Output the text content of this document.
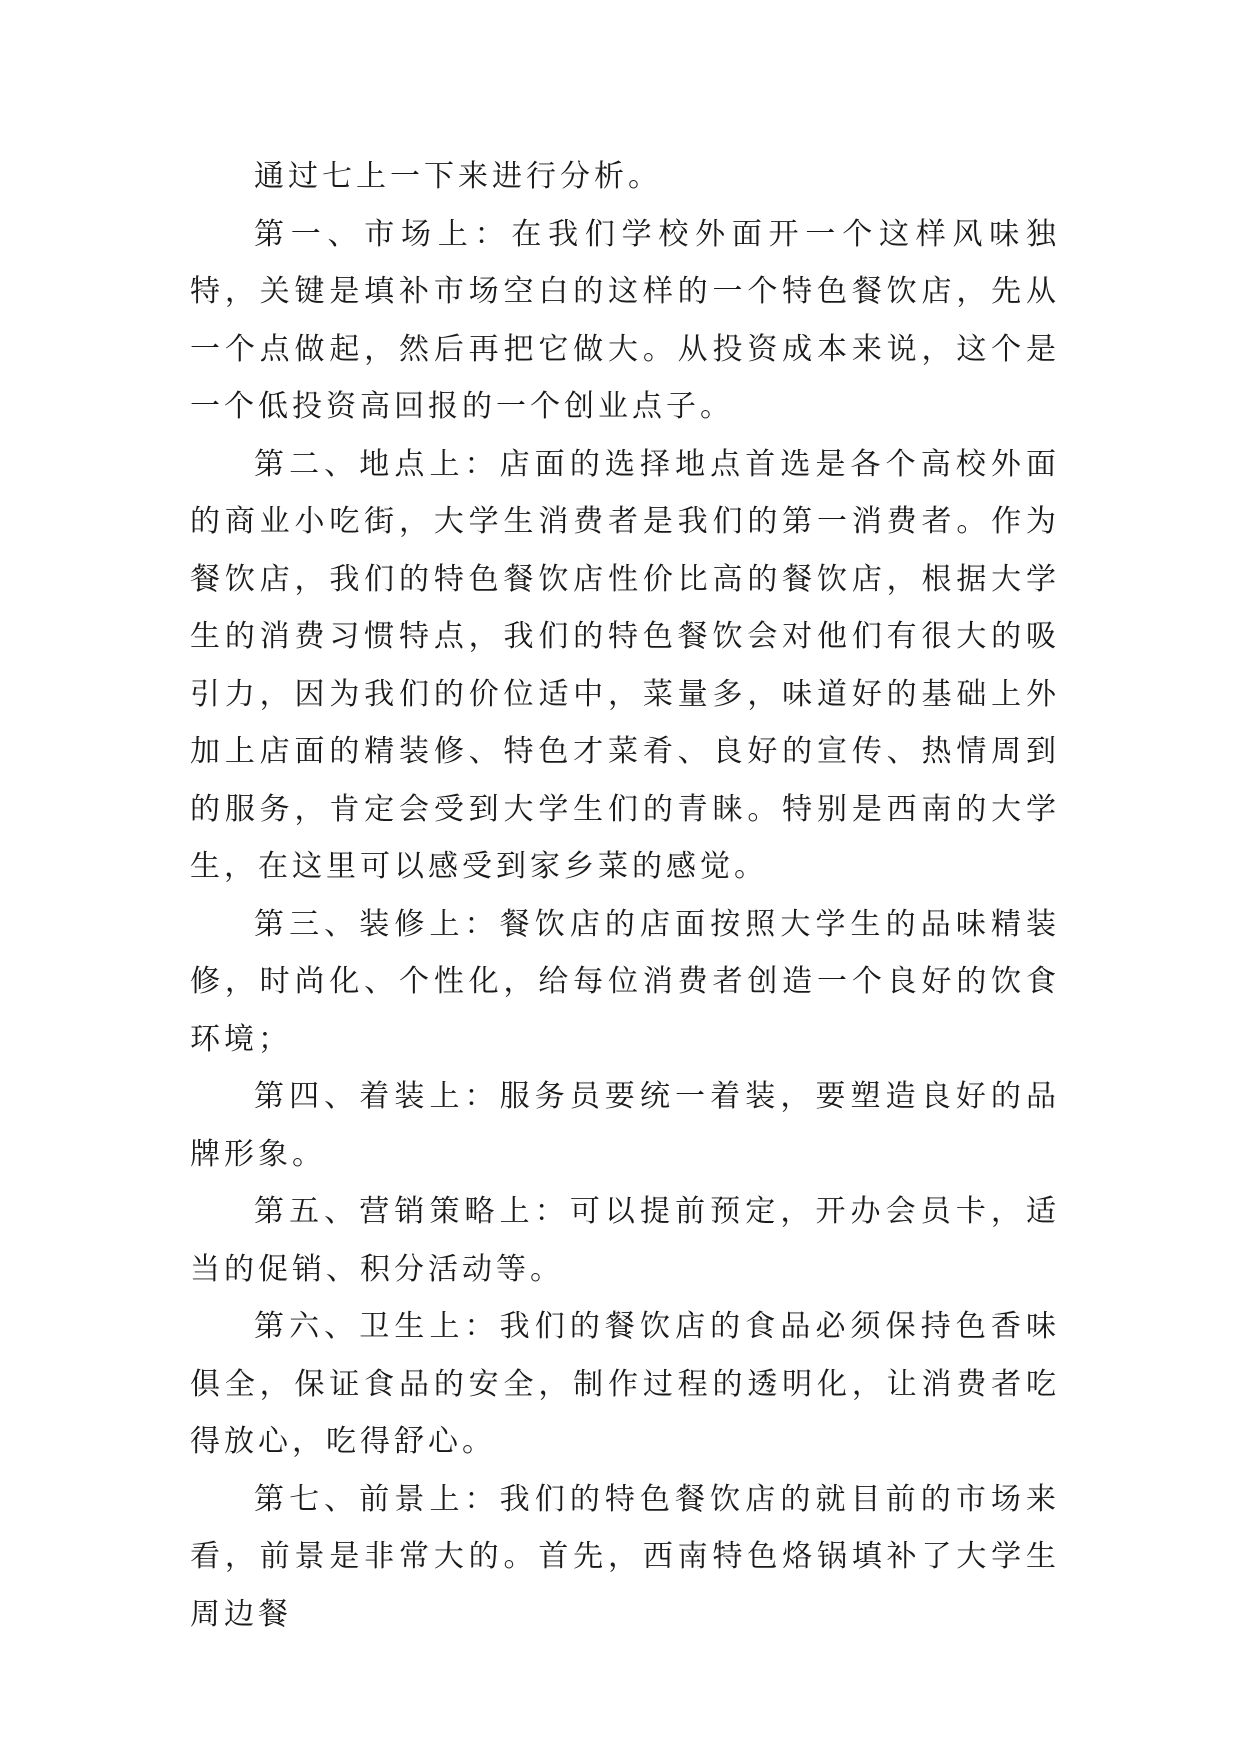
通过七上一下来进行分析。

第一、市场上：在我们学校外面开一个这样风味独特，关键是填补市场空白的这样的一个特色餐饮店，先从一个点做起，然后再把它做大。从投资成本来说，这个是一个低投资高回报的一个创业点子。

第二、地点上：店面的选择地点首选是各个高校外面的商业小吃街，大学生消费者是我们的第一消费者。作为餐饮店，我们的特色餐饮店性价比高的餐饮店，根据大学生的消费习惯特点，我们的特色餐饮会对他们有很大的吸引力，因为我们的价位适中，菜量多，味道好的基础上外加上店面的精装修、特色才菜肴、良好的宣传、热情周到的服务，肯定会受到大学生们的青睐。特别是西南的大学生，在这里可以感受到家乡菜的感觉。

第三、装修上：餐饮店的店面按照大学生的品味精装修，时尚化、个性化，给每位消费者创造一个良好的饮食环境；

第四、着装上：服务员要统一着装，要塑造良好的品牌形象。

第五、营销策略上：可以提前预定，开办会员卡，适当的促销、积分活动等。

第六、卫生上：我们的餐饮店的食品必须保持色香味俱全，保证食品的安全，制作过程的透明化，让消费者吃得放心，吃得舒心。

第七、前景上：我们的特色餐饮店的就目前的市场来看，前景是非常大的。首先，西南特色烙锅填补了大学生周边餐
